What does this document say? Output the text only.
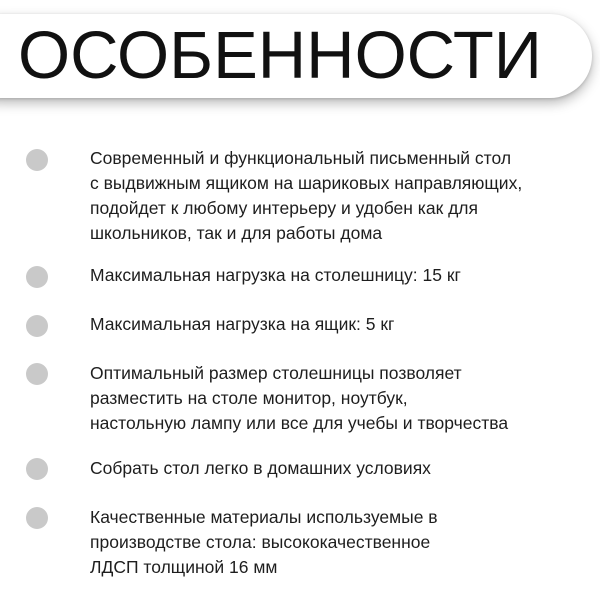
ОСОБЕННОСТИ

Современный и функциональный письменный стол
с выдвижным ящиком на шариковых направляющих,
подойдет к любому интерьеру и удобен как для
школьников, так и для работы дома

Максимальная нагрузка на столешницу: 15 кг

Максимальная нагрузка на ящик: 5 кг

Оптимальный размер столешницы позволяет
разместить на столе монитор, ноутбук,
настольную лампу или все для учебы и творчества

Собрать стол легко в домашних условиях

Качественные материалы используемые в
производстве стола: высококачественное
ЛДСП толщиной 16 мм
